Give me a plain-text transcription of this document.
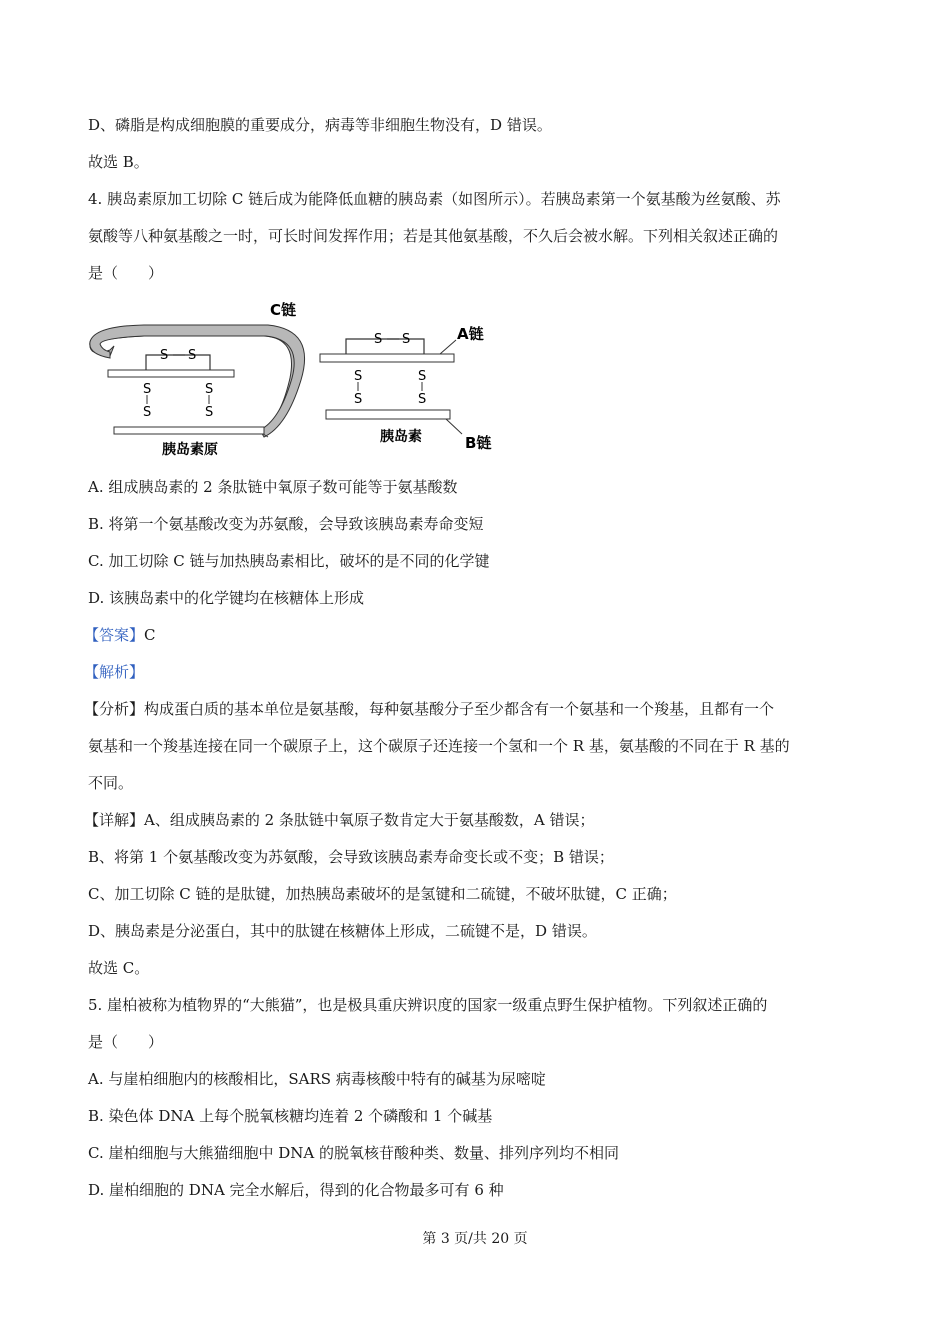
D、磷脂是构成细胞膜的重要成分，病毒等非细胞生物没有，D 错误。
故选 B。
4. 胰岛素原加工切除 C 链后成为能降低血糖的胰岛素（如图所示）。若胰岛素第一个氨基酸为丝氨酸、苏
氨酸等八种氨基酸之一时，可长时间发挥作用；若是其他氨基酸，不久后会被水解。下列相关叙述正确的
是（　　）
S S
S
S
S
S
C链
胰岛素原
S S
S
S
S
S
A链
B链
胰岛素
A. 组成胰岛素的 2 条肽链中氧原子数可能等于氨基酸数
B. 将第一个氨基酸改变为苏氨酸，会导致该胰岛素寿命变短
C. 加工切除 C 链与加热胰岛素相比，破坏的是不同的化学键
D. 该胰岛素中的化学键均在核糖体上形成
【答案】C
【解析】
【分析】构成蛋白质的基本单位是氨基酸，每种氨基酸分子至少都含有一个氨基和一个羧基，且都有一个
氨基和一个羧基连接在同一个碳原子上，这个碳原子还连接一个氢和一个 R 基，氨基酸的不同在于 R 基的
不同。
【详解】A、组成胰岛素的 2 条肽链中氧原子数肯定大于氨基酸数，A 错误；
B、将第 1 个氨基酸改变为苏氨酸，会导致该胰岛素寿命变长或不变；B 错误；
C、加工切除 C 链的是肽键，加热胰岛素破坏的是氢键和二硫键，不破坏肽键，C 正确；
D、胰岛素是分泌蛋白，其中的肽键在核糖体上形成，二硫键不是，D 错误。
故选 C。
5. 崖柏被称为植物界的“大熊猫”，也是极具重庆辨识度的国家一级重点野生保护植物。下列叙述正确的
是（　　）
A. 与崖柏细胞内的核酸相比，SARS 病毒核酸中特有的碱基为尿嘧啶
B. 染色体 DNA 上每个脱氧核糖均连着 2 个磷酸和 1 个碱基
C. 崖柏细胞与大熊猫细胞中 DNA 的脱氧核苷酸种类、数量、排列序列均不相同
D. 崖柏细胞的 DNA 完全水解后，得到的化合物最多可有 6 种
第 3 页/共 20 页
